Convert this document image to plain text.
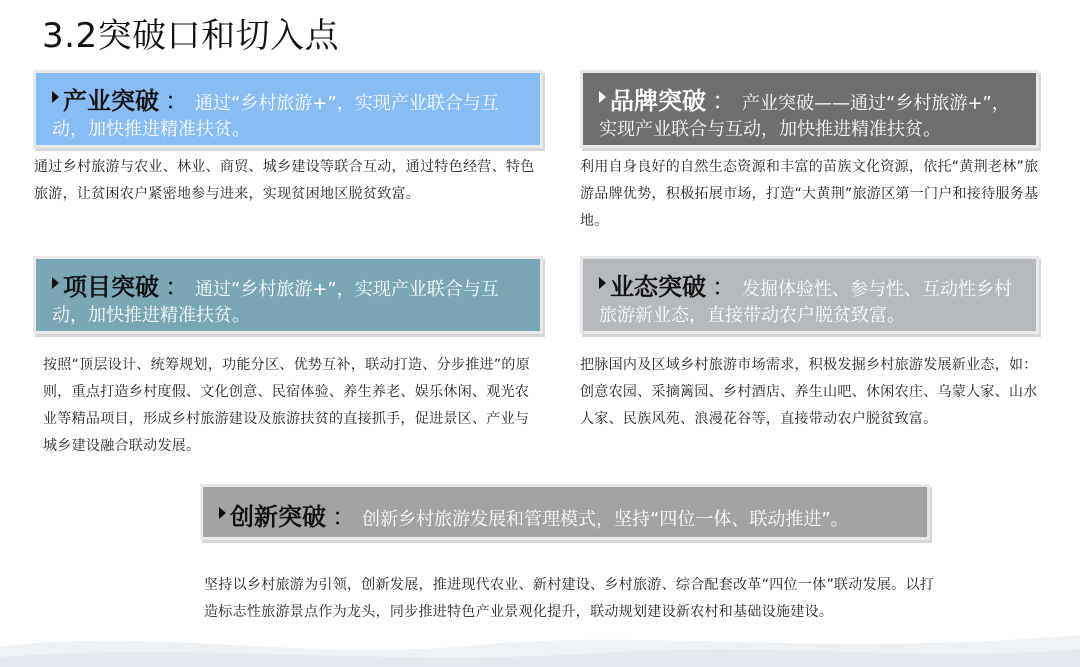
3.2突破口和切入点
产业突破 ： 通过“乡村旅游+”，实现产业联合与互动，加快推进精准扶贫。
通过乡村旅游与农业、林业、商贸、城乡建设等联合互动，通过特色经营、特色旅游，让贫困农户紧密地参与进来，实现贫困地区脱贫致富。
品牌突破 ： 产业突破——通过“乡村旅游+”，实现产业联合与互动，加快推进精准扶贫。
利用自身良好的自然生态资源和丰富的苗族文化资源，依托“黄荆老林”旅游品牌优势，积极拓展市场，打造“大黄荆”旅游区第一门户和接待服务基地。
项目突破 ： 通过“乡村旅游+”，实现产业联合与互动，加快推进精准扶贫。
按照“顶层设计、统筹规划，功能分区、优势互补，联动打造、分步推进”的原则，重点打造乡村度假、文化创意、民宿体验、养生养老、娱乐休闲、观光农业等精品项目，形成乡村旅游建设及旅游扶贫的直接抓手，促进景区、产业与城乡建设融合联动发展。
业态突破 ： 发掘体验性、参与性、互动性乡村旅游新业态，直接带动农户脱贫致富。
把脉国内及区域乡村旅游市场需求，积极发掘乡村旅游发展新业态，如：创意农园、采摘篱园、乡村酒店、养生山吧、休闲农庄、乌蒙人家、山水人家、民族风苑、浪漫花谷等，直接带动农户脱贫致富。
创新突破 ： 创新乡村旅游发展和管理模式，坚持“四位一体、联动推进”。
坚持以乡村旅游为引领，创新发展，推进现代农业、新村建设、乡村旅游、综合配套改革“四位一体”联动发展。以打造标志性旅游景点作为龙头，同步推进特色产业景观化提升，联动规划建设新农村和基础设施建设。
